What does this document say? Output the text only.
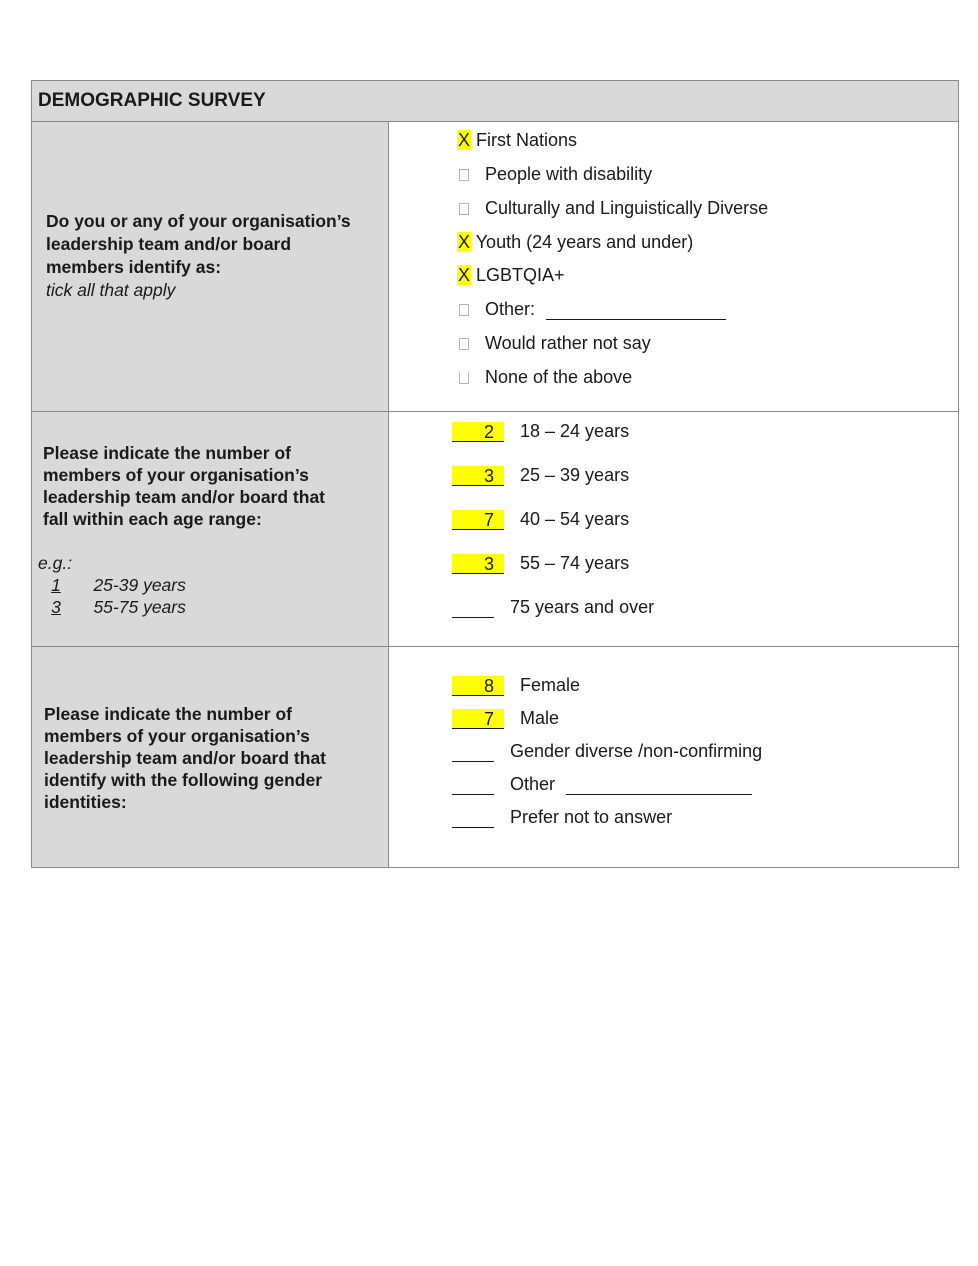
DEMOGRAPHIC SURVEY
Do you or any of your organisation’s
leadership team and/or board
members identify as:
tick all that apply
X First Nations
People with disability
Culturally and Linguistically Diverse
X Youth (24 years and under)
X LGBTQIA+
Other:
Would rather not say
None of the above
Please indicate the number of
members of your organisation’s
leadership team and/or board that
fall within each age range:
e.g.:
1 25-39 years
3 55-75 years
2 18 – 24 years
3 25 – 39 years
7 40 – 54 years
3 55 – 74 years
75 years and over
Please indicate the number of
members of your organisation’s
leadership team and/or board that
identify with the following gender
identities:
8 Female
7 Male
Gender diverse /non-confirming
Other
Prefer not to answer
